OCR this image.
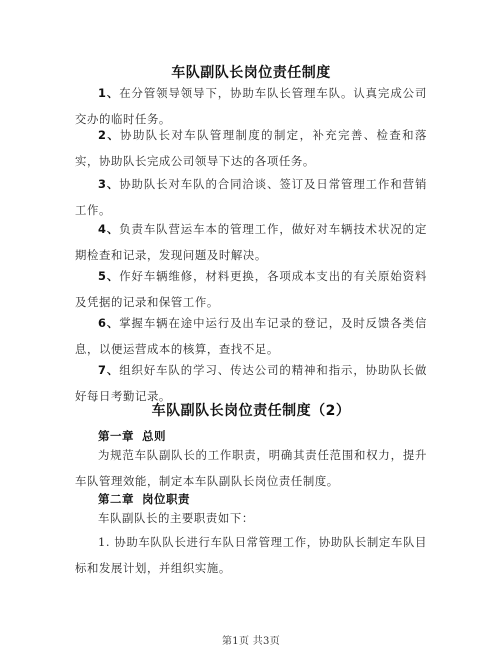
车队副队长岗位责任制度
1、在分管领导领导下，协助车队长管理车队。认真完成公司交办的临时任务。
2、协助队长对车队管理制度的制定，补充完善、检查和落实，协助队长完成公司领导下达的各项任务。
3、协助队长对车队的合同洽谈、签订及日常管理工作和营销工作。
4、负责车队营运车本的管理工作，做好对车辆技术状况的定期检查和记录，发现问题及时解决。
5、作好车辆维修，材料更换，各项成本支出的有关原始资料及凭据的记录和保管工作。
6、掌握车辆在途中运行及出车记录的登记，及时反馈各类信息，以便运营成本的核算，查找不足。
7、组织好车队的学习、传达公司的精神和指示，协助队长做好每日考勤记录。
车队副队长岗位责任制度（2）
第一章 总则
为规范车队副队长的工作职责，明确其责任范围和权力，提升车队管理效能，制定本车队副队长岗位责任制度。
第二章 岗位职责
车队副队长的主要职责如下：
1. 协助车队队长进行车队日常管理工作，协助队长制定车队目标和发展计划，并组织实施。
第1页 共3页
